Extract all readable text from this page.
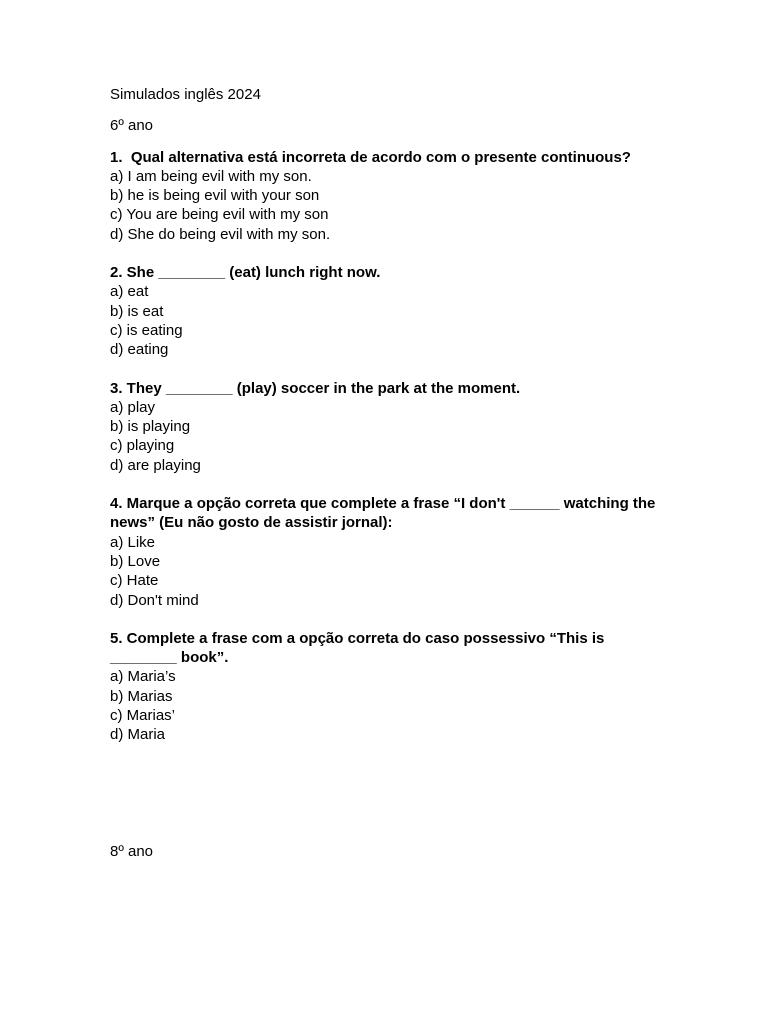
Simulados inglês 2024
6º ano
1.  Qual alternativa está incorreta de acordo com o presente continuous?
a) I am being evil with my son.
b) he is being evil with your son
c) You are being evil with my son
d) She do being evil with my son.
2. She ________ (eat) lunch right now.
a) eat
b) is eat
c) is eating
d) eating
3. They ________ (play) soccer in the park at the moment.
a) play
b) is playing
c) playing
d) are playing
4. Marque a opção correta que complete a frase “I don't ______ watching the news” (Eu não gosto de assistir jornal):
a) Like
b) Love
c) Hate
d) Don't mind
5. Complete a frase com a opção correta do caso possessivo “This is ________ book”.
a) Maria’s
b) Marias
c) Marias’
d) Maria
8º ano
